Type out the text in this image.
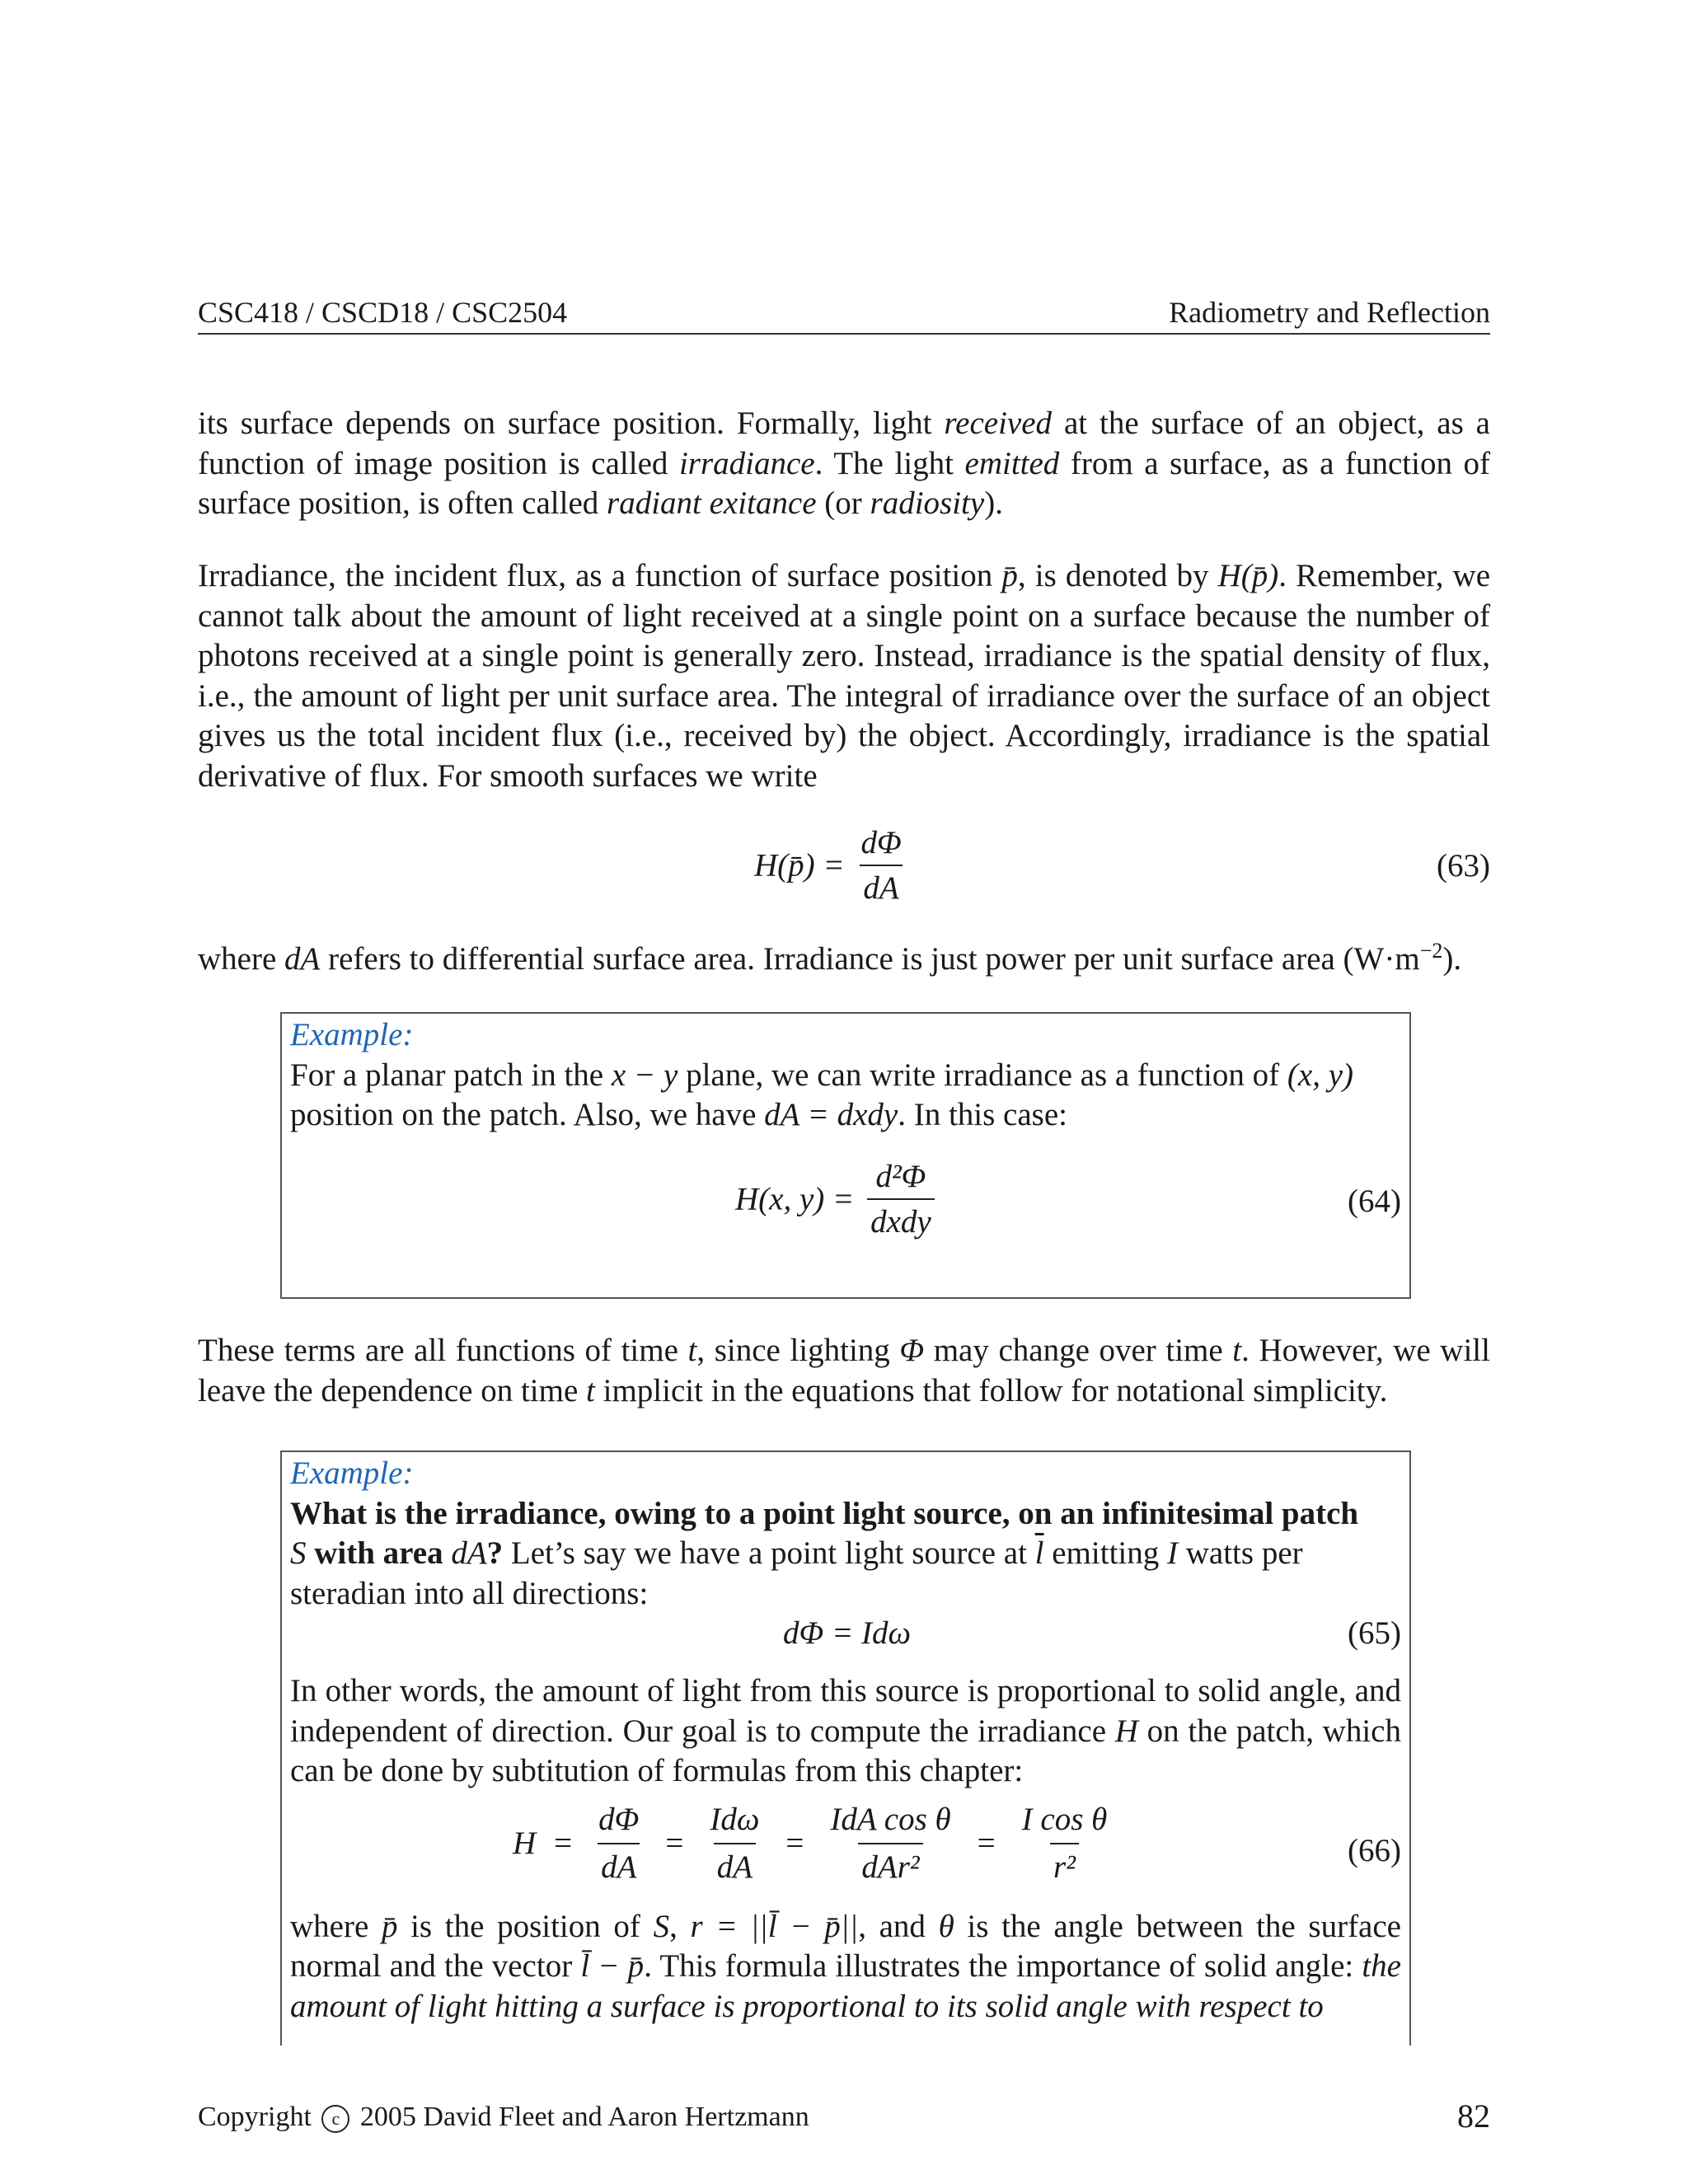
CSC418 / CSCD18 / CSC2504	Radiometry and Reflection

its surface depends on surface position. Formally, light received at the surface of an object, as a function of image position is called irradiance. The light emitted from a surface, as a function of surface position, is often called radiant exitance (or radiosity).

Irradiance, the incident flux, as a function of surface position p̄, is denoted by H(p̄). Remember, we cannot talk about the amount of light received at a single point on a surface because the number of photons received at a single point is generally zero. Instead, irradiance is the spatial density of flux, i.e., the amount of light per unit surface area. The integral of irradiance over the surface of an object gives us the total incident flux (i.e., received by) the object. Accordingly, irradiance is the spatial derivative of flux. For smooth surfaces we write

H(p̄) = $\frac{d\Phi}{dA}$	(63)

where dA refers to differential surface area. Irradiance is just power per unit surface area $(W\cdot m^{-2})$.

Example:
For a planar patch in the x − y plane, we can write irradiance as a function of (x, y)
position on the patch. Also, we have dA = dxdy. In this case:
H(x, $y) = \frac{\text{d²Φ}}{\text{dxdy}}$	(64)

These terms are all functions of time t, since lighting Φ may change over time t. However, we will leave the dependence on time t implicit in the equations that follow for notational simplicity.

Example:
What is the irradiance, owing to a point light source, on an infinitesimal patch
S with area dA? Let’s say we have a point light source at $\overline{l}$ emitting I watts per
steradian into all directions:
dΦ = Idω	(65)
In other words, the amount of light from this source is proportional to solid angle, and independent of direction. Our goal is to compute the irradiance H on the patch, which can be done by subtitution of formulas from this chapter:
$H = \frac{d\Phi}{dA} = \frac{\text{Idω}}{dA} = \frac{\text{IdA cos θ}}{\text{dAr²}} = \frac{\text{I cos θ}}{\text{r²}}$	(66)
where p̄ is the position of S, r = ||l̄ − p̄||, and θ is the angle between the surface normal and the vector l̄ − p̄. This formula illustrates the importance of solid angle: the amount of light hitting a surface is proportional to its solid angle with respect to
Copyright c 2005 David Fleet and Aaron Hertzmann	82
